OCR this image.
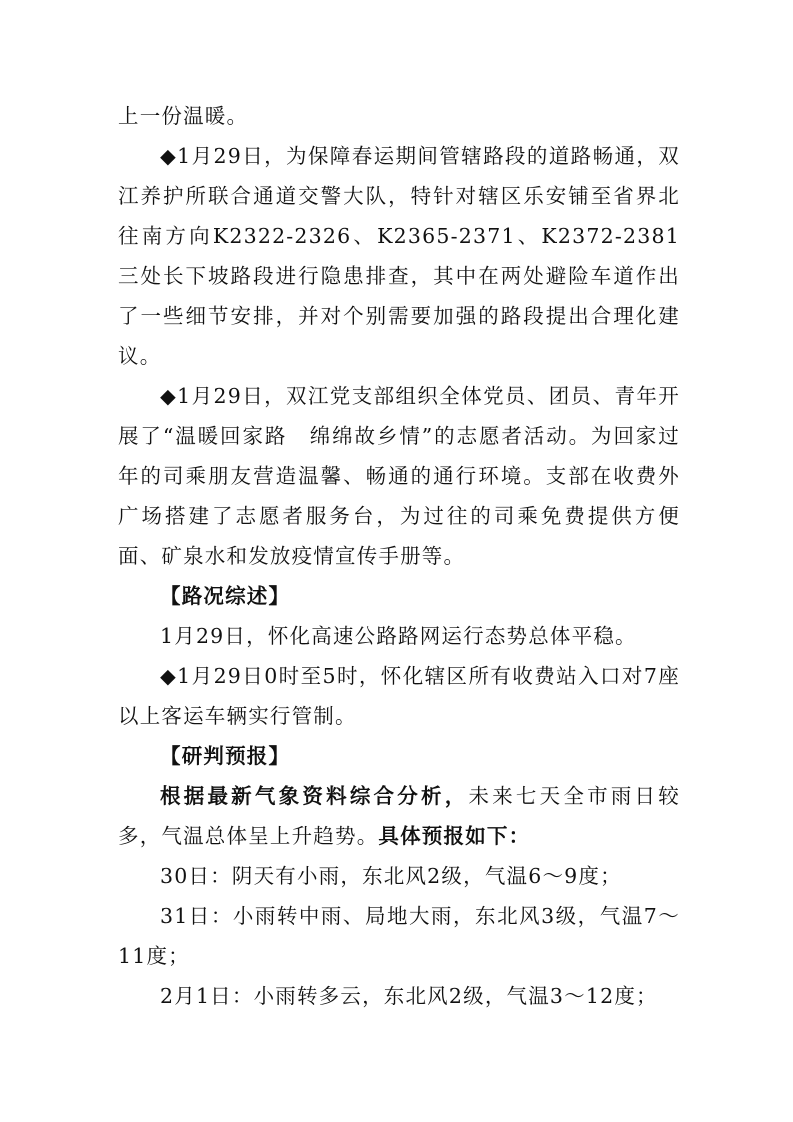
上一份温暖。

◆1月29日，为保障春运期间管辖路段的道路畅通，双江养护所联合通道交警大队，特针对辖区乐安铺至省界北往南方向K2322-2326、K2365-2371、K2372-2381三处长下坡路段进行隐患排查，其中在两处避险车道作出了一些细节安排，并对个别需要加强的路段提出合理化建议。

◆1月29日，双江党支部组织全体党员、团员、青年开展了“温暖回家路　绵绵故乡情”的志愿者活动。为回家过年的司乘朋友营造温馨、畅通的通行环境。支部在收费外广场搭建了志愿者服务台，为过往的司乘免费提供方便面、矿泉水和发放疫情宣传手册等。

【路况综述】

1月29日，怀化高速公路路网运行态势总体平稳。

◆1月29日0时至5时，怀化辖区所有收费站入口对7座以上客运车辆实行管制。

【研判预报】

根据最新气象资料综合分析，未来七天全市雨日较多，气温总体呈上升趋势。具体预报如下：

30日：阴天有小雨，东北风2级，气温6～9度；

31日：小雨转中雨、局地大雨，东北风3级，气温7～11度；

2月1日：小雨转多云，东北风2级，气温3～12度；
